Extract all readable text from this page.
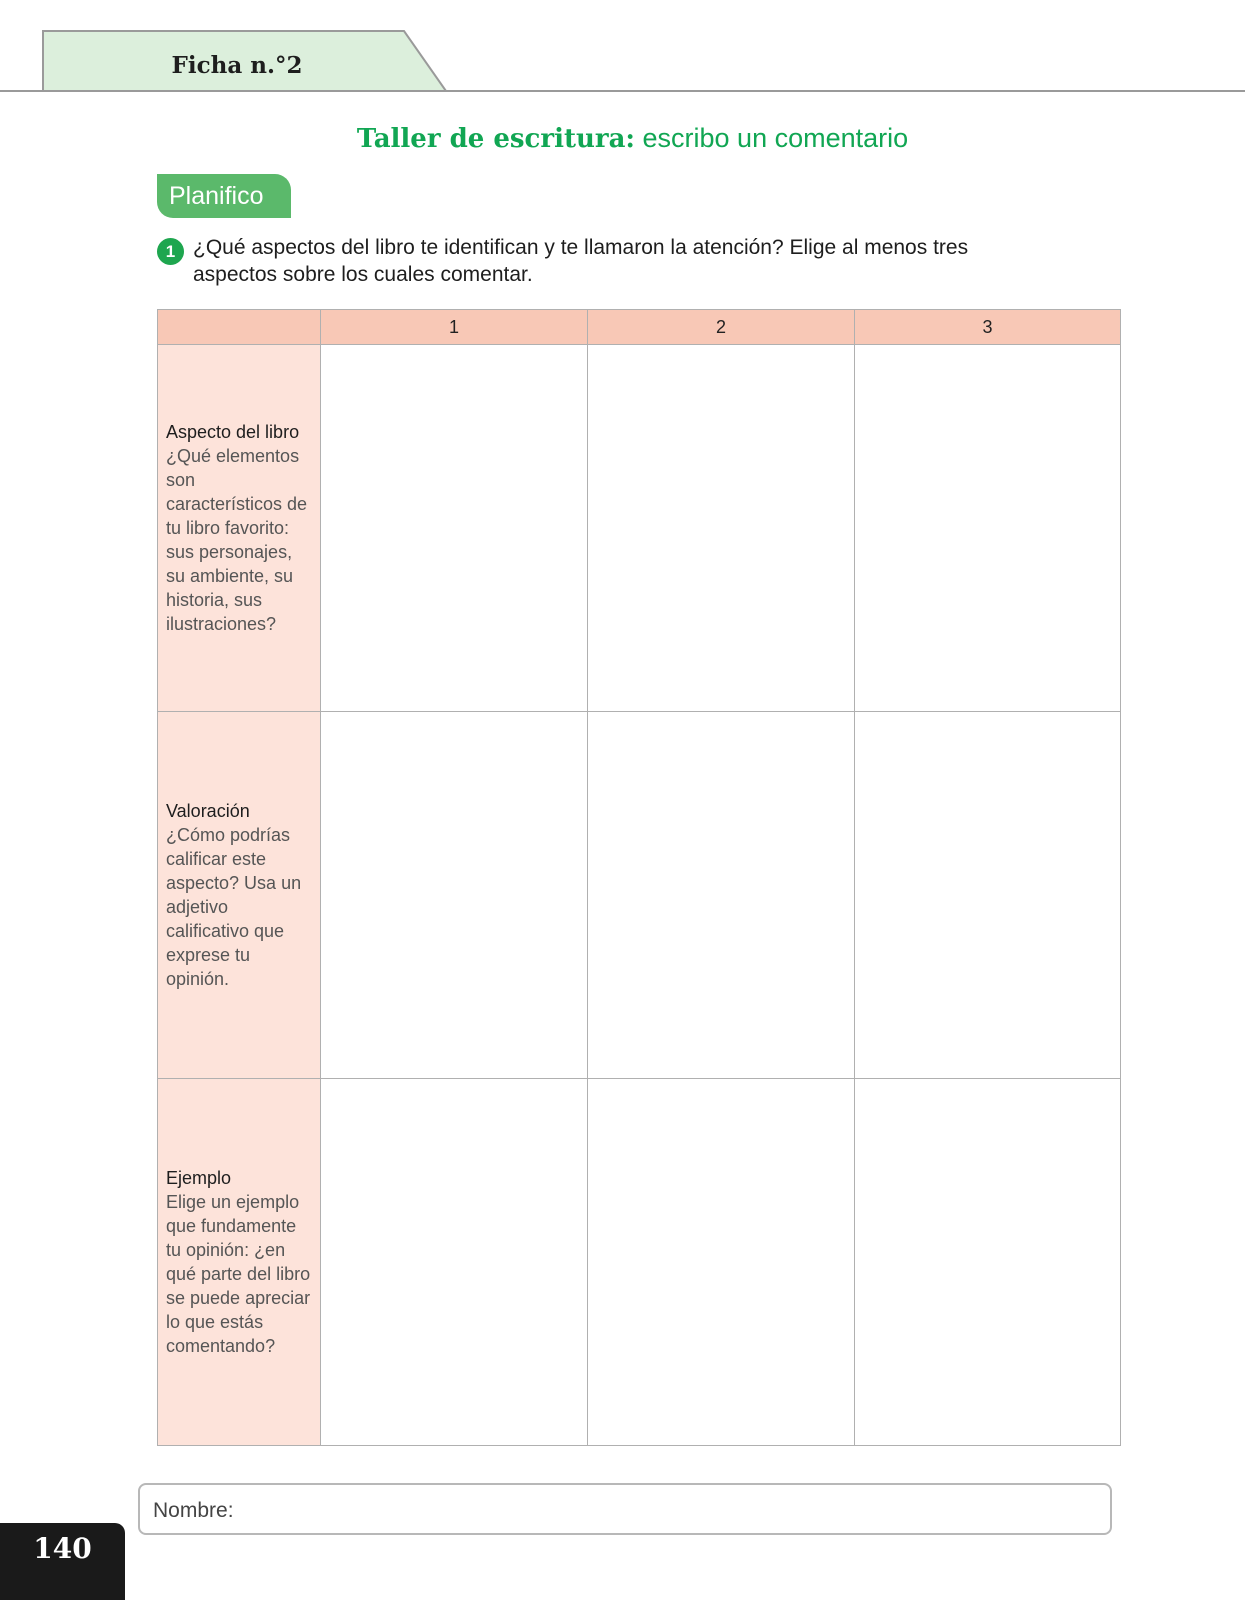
Ficha n.°2
Taller de escritura: escribo un comentario
Planifico
1 ¿Qué aspectos del libro te identifican y te llamaron la atención? Elige al menos tres aspectos sobre los cuales comentar.
	1	2	3

Aspecto del libro
¿Qué elementos son característicos de tu libro favorito: sus personajes, su ambiente, su historia, sus ilustraciones?			

Valoración
¿Cómo podrías calificar este aspecto? Usa un adjetivo calificativo que exprese tu opinión.			

Ejemplo
Elige un ejemplo que fundamente tu opinión: ¿en qué parte del libro se puede apreciar lo que estás comentando?			

Nombre:
140
